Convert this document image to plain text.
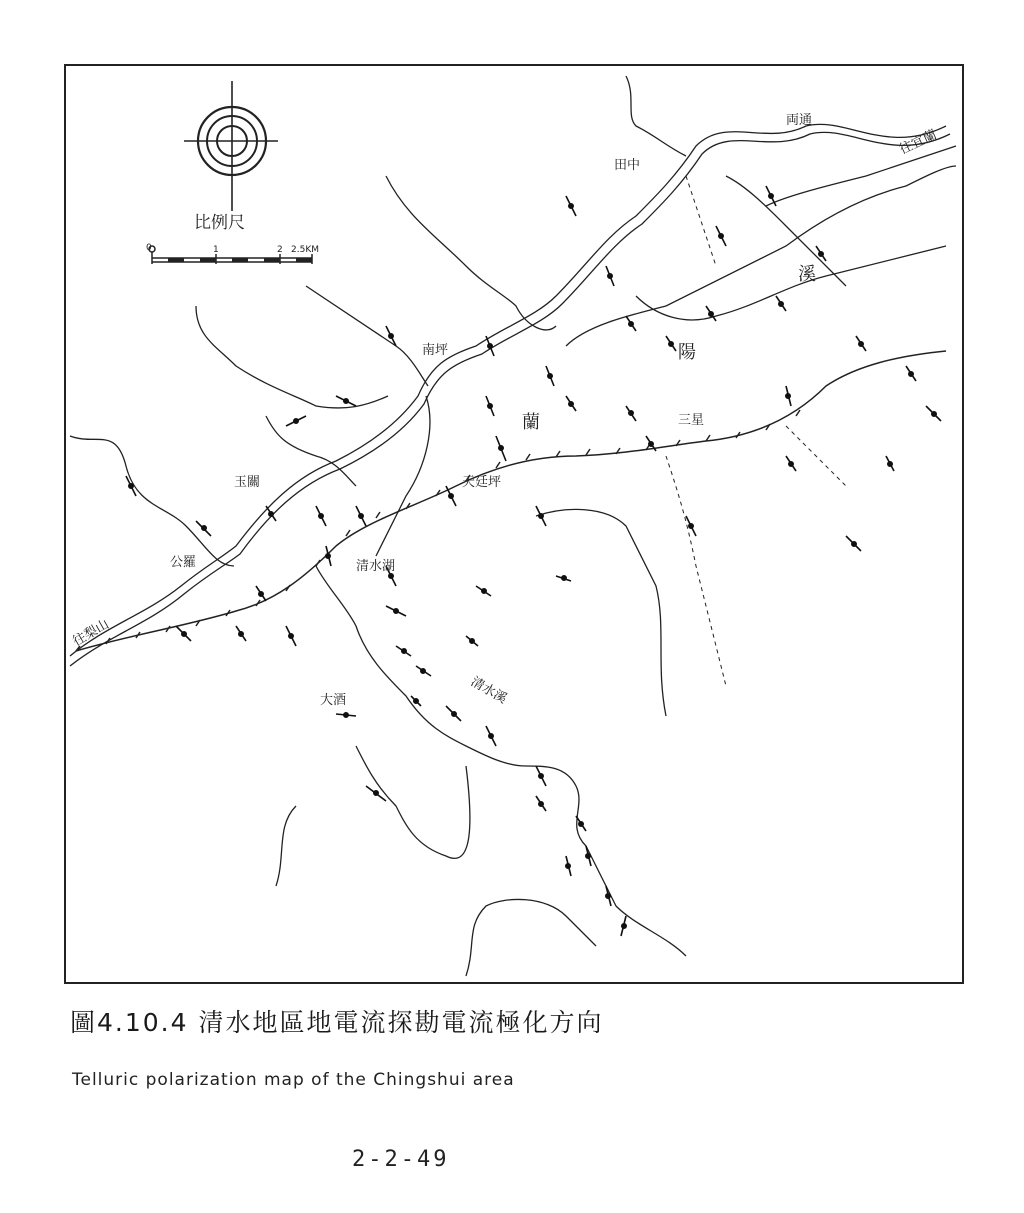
比例尺
0	1	2 2.5KM
両通
田中
往宜蘭
溪
陽
南坪
蘭	三星
玉關	天廷坪
公羅	清水湖
往梨山
大酒	清水溪
圖4.10.4 清水地區地電流探勘電流極化方向
Telluric polarization map of the Chingshui area
2-2-49
